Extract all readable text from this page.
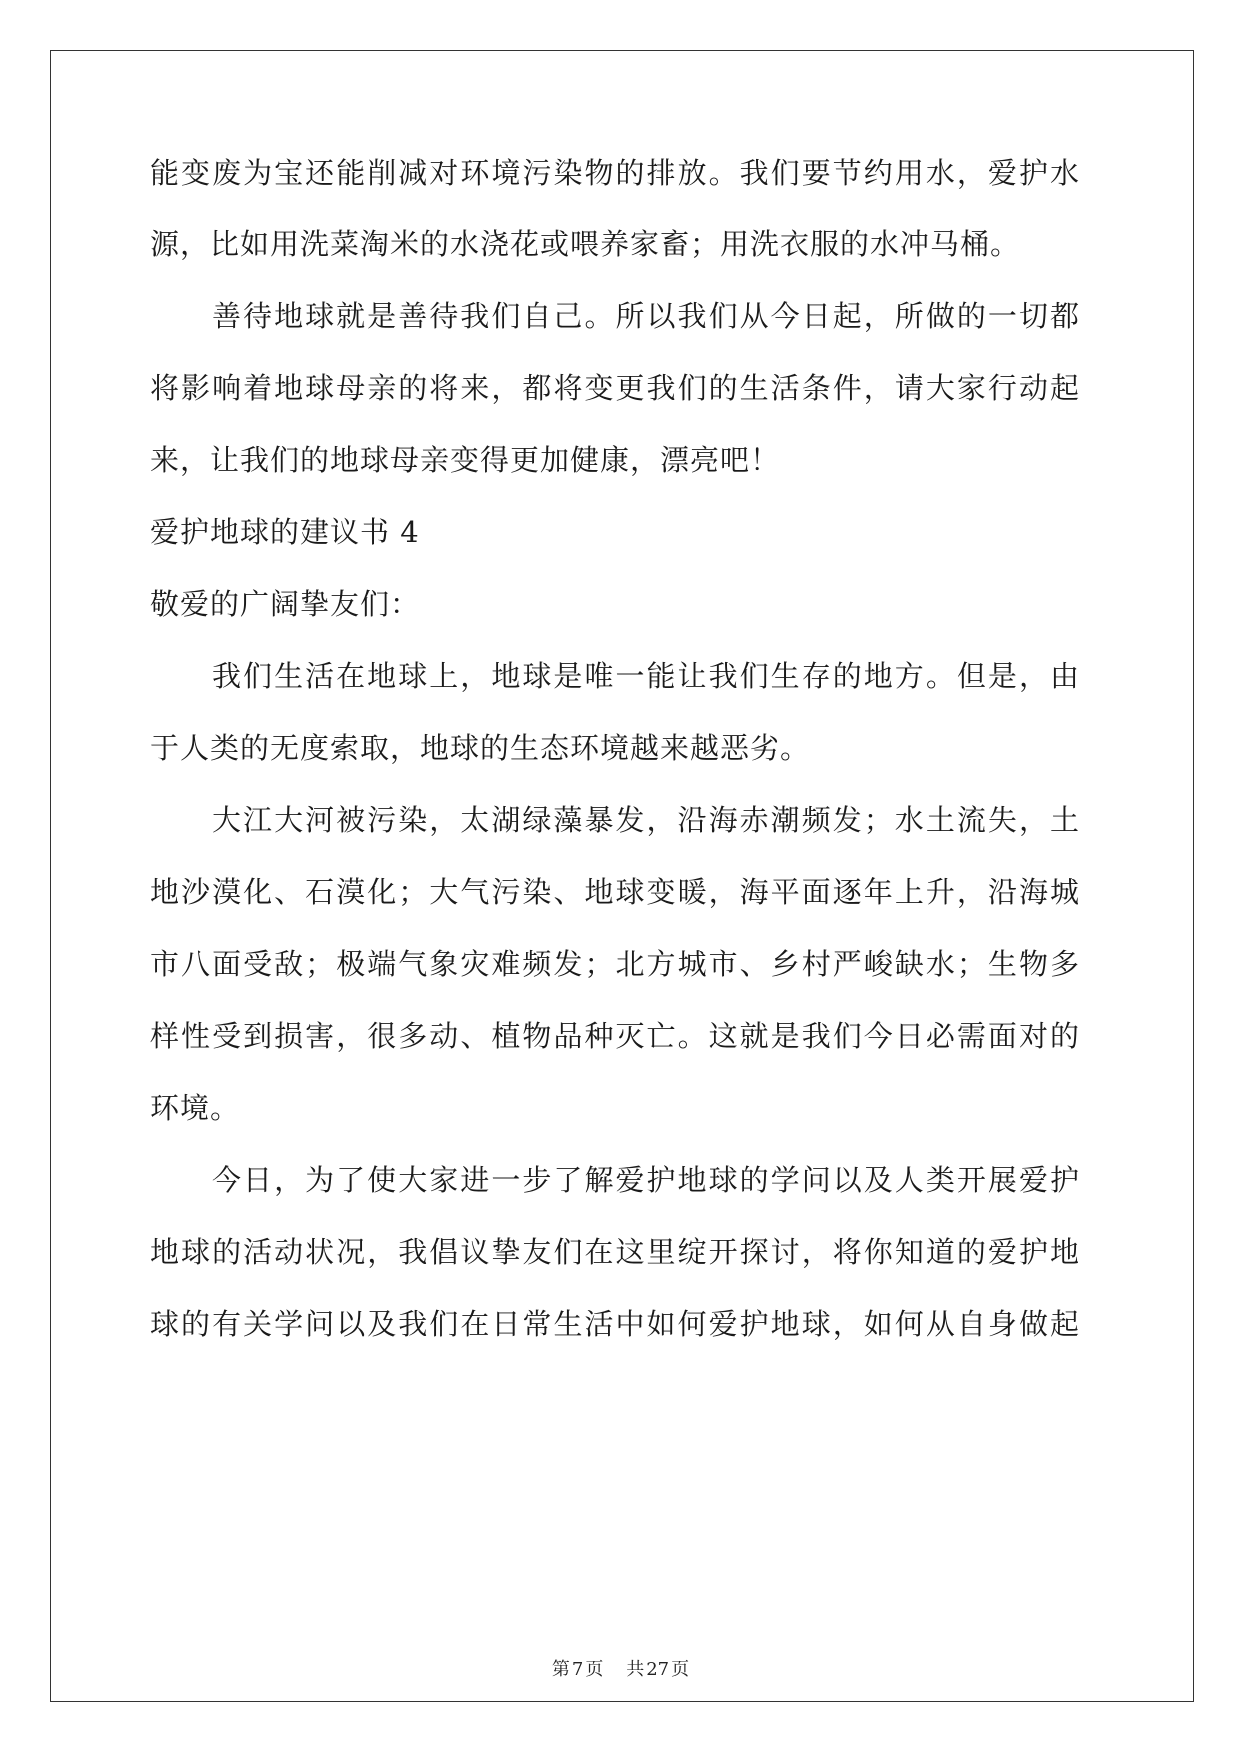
能变废为宝还能削减对环境污染物的排放。我们要节约用水，爱护水
源，比如用洗菜淘米的水浇花或喂养家畜；用洗衣服的水冲马桶。
善待地球就是善待我们自己。所以我们从今日起，所做的一切都
将影响着地球母亲的将来，都将变更我们的生活条件，请大家行动起
来，让我们的地球母亲变得更加健康，漂亮吧！
爱护地球的建议书 4
敬爱的广阔挚友们：
我们生活在地球上，地球是唯一能让我们生存的地方。但是，由
于人类的无度索取，地球的生态环境越来越恶劣。
大江大河被污染，太湖绿藻暴发，沿海赤潮频发；水土流失，土
地沙漠化、石漠化；大气污染、地球变暖，海平面逐年上升，沿海城
市八面受敌；极端气象灾难频发；北方城市、乡村严峻缺水；生物多
样性受到损害，很多动、植物品种灭亡。这就是我们今日必需面对的
环境。
今日，为了使大家进一步了解爱护地球的学问以及人类开展爱护
地球的活动状况，我倡议挚友们在这里绽开探讨，将你知道的爱护地
球的有关学问以及我们在日常生活中如何爱护地球，如何从自身做起
第 7 页 共 27 页
